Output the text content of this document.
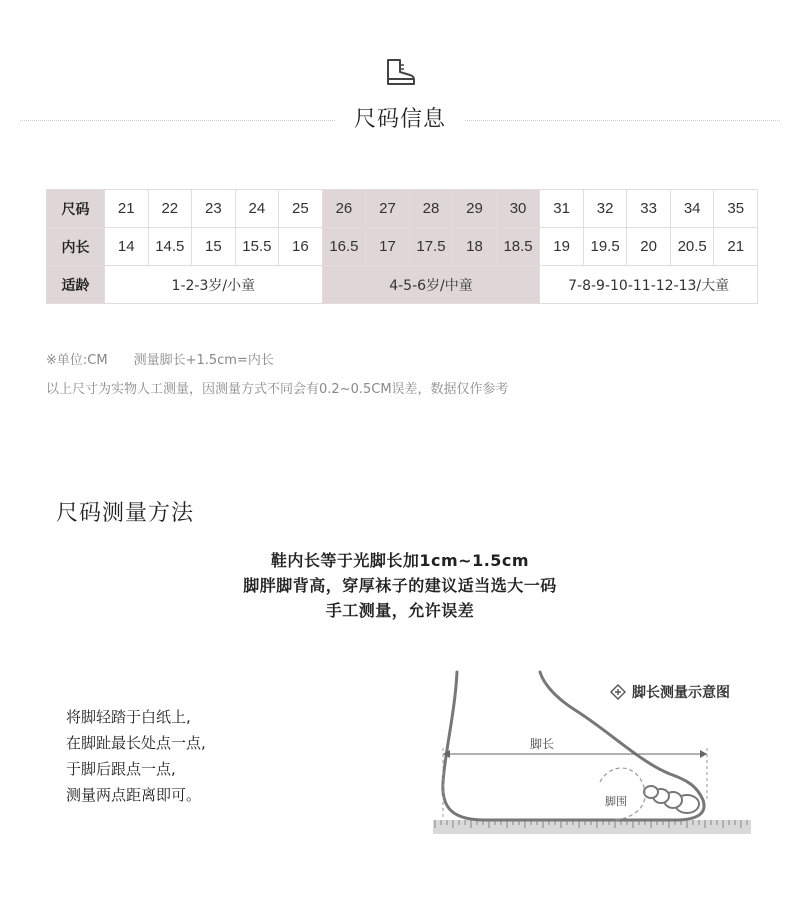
尺码信息
尺码	21	22	23	24	25	26	27	28	29	30	31	32	33	34	35
内长	14	14.5	15	15.5	16	16.5	17	17.5	18	18.5	19	19.5	20	20.5	21
适龄	1-2-3岁/小童					4-5-6岁/中童					7-8-9-10-11-12-13/大童				
※单位:CM 测量脚长+1.5cm=内长
以上尺寸为实物人工测量，因测量方式不同会有0.2~0.5CM误差，数据仅作参考
尺码测量方法
鞋内长等于光脚长加1cm~1.5cm
脚胖脚背高，穿厚袜子的建议适当选大一码
手工测量，允许误差
将脚轻踏于白纸上,
在脚趾最长处点一点,
于脚后跟点一点,
测量两点距离即可。
脚长测量示意图
脚长
脚围
